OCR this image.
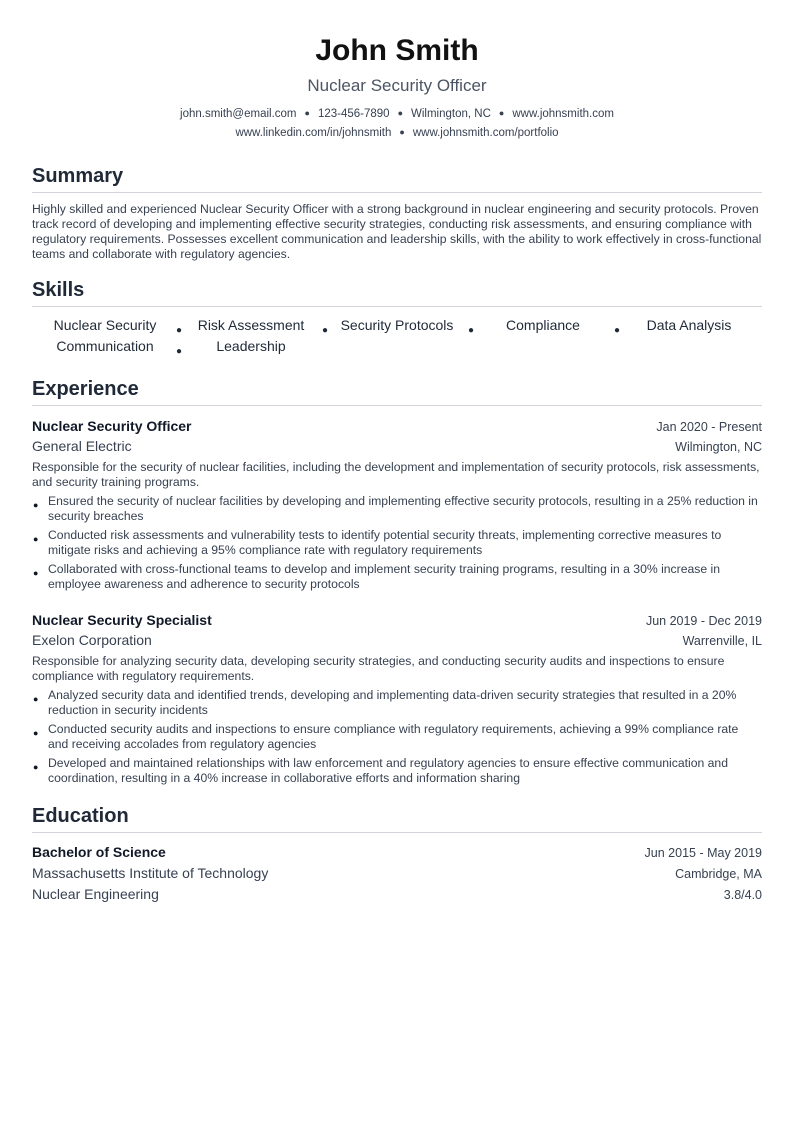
John Smith
Nuclear Security Officer
john.smith@email.com ● 123-456-7890 ● Wilmington, NC ● www.johnsmith.com
www.linkedin.com/in/johnsmith ● www.johnsmith.com/portfolio
Summary
Highly skilled and experienced Nuclear Security Officer with a strong background in nuclear engineering and security protocols. Proven track record of developing and implementing effective security strategies, conducting risk assessments, and ensuring compliance with regulatory requirements. Possesses excellent communication and leadership skills, with the ability to work effectively in cross-functional teams and collaborate with regulatory agencies.
Skills
Nuclear Security ●	Risk Assessment ● Security Protocols ●	Compliance	●	Data Analysis
Communication ●	Leadership
Experience
Nuclear Security Officer	Jan 2020 - Present
General Electric	Wilmington, NC
Responsible for the security of nuclear facilities, including the development and implementation of security protocols, risk assessments, and security training programs.
● Ensured the security of nuclear facilities by developing and implementing effective security protocols, resulting in a 25% reduction in security breaches
● Conducted risk assessments and vulnerability tests to identify potential security threats, implementing corrective measures to mitigate risks and achieving a 95% compliance rate with regulatory requirements
● Collaborated with cross-functional teams to develop and implement security training programs, resulting in a 30% increase in employee awareness and adherence to security protocols
Nuclear Security Specialist	Jun 2019 - Dec 2019
Exelon Corporation	Warrenville, IL
Responsible for analyzing security data, developing security strategies, and conducting security audits and inspections to ensure compliance with regulatory requirements.
● Analyzed security data and identified trends, developing and implementing data-driven security strategies that resulted in a 20% reduction in security incidents
● Conducted security audits and inspections to ensure compliance with regulatory requirements, achieving a 99% compliance rate and receiving accolades from regulatory agencies
● Developed and maintained relationships with law enforcement and regulatory agencies to ensure effective communication and coordination, resulting in a 40% increase in collaborative efforts and information sharing
Education
Bachelor of Science	Jun 2015 - May 2019
Massachusetts Institute of Technology	Cambridge, MA
Nuclear Engineering	3.8/4.0
